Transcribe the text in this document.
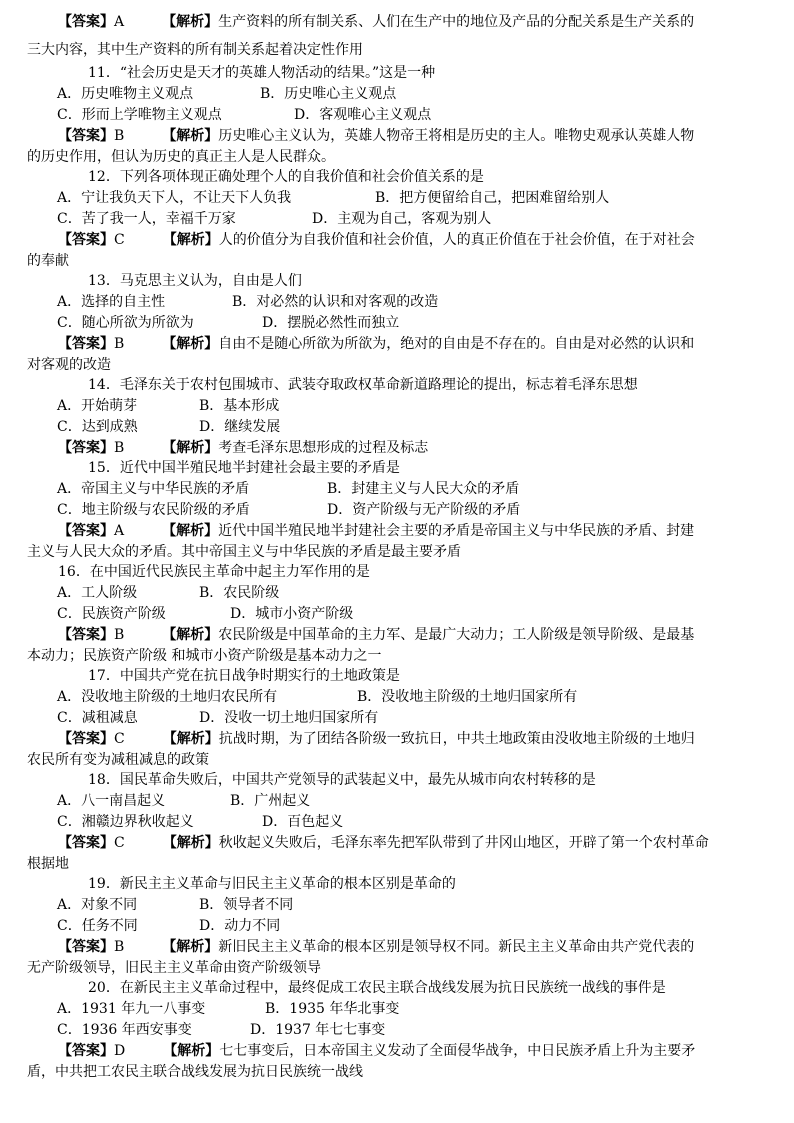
【答案】A	【解析】生产资料的所有制关系、人们在生产中的地位及产品的分配关系是生产关系的
三大内容，其中生产资料的所有制关系起着决定性作用
11．“社会历史是天才的英雄人物活动的结果。”这是一种
A．历史唯物主义观点	B．历史唯心主义观点
C．形而上学唯物主义观点	D．客观唯心主义观点
【答案】B	【解析】历史唯心主义认为，英雄人物帝王将相是历史的主人。唯物史观承认英雄人物
的历史作用，但认为历史的真正主人是人民群众。
12．下列各项体现正确处理个人的自我价值和社会价值关系的是
A．宁让我负天下人，不让天下人负我	B．把方便留给自己，把困难留给别人
C．苦了我一人，幸福千万家	D．主观为自己，客观为别人
【答案】C	【解析】人的价值分为自我价值和社会价值，人的真正价值在于社会价值，在于对社会
的奉献
13．马克思主义认为，自由是人们
A．选择的自主性	B．对必然的认识和对客观的改造
C．随心所欲为所欲为	D．摆脱必然性而独立
【答案】B	【解析】自由不是随心所欲为所欲为，绝对的自由是不存在的。自由是对必然的认识和
对客观的改造
14．毛泽东关于农村包围城市、武装夺取政权革命新道路理论的提出，标志着毛泽东思想
A．开始萌芽	B．基本形成
C．达到成熟	D．继续发展
【答案】B	【解析】考查毛泽东思想形成的过程及标志
15．近代中国半殖民地半封建社会最主要的矛盾是
A．帝国主义与中华民族的矛盾	B．封建主义与人民大众的矛盾
C．地主阶级与农民阶级的矛盾	D．资产阶级与无产阶级的矛盾
【答案】A	【解析】近代中国半殖民地半封建社会主要的矛盾是帝国主义与中华民族的矛盾、封建
主义与人民大众的矛盾。其中帝国主义与中华民族的矛盾是最主要矛盾
16．在中国近代民族民主革命中起主力军作用的是
A．工人阶级	B．农民阶级
C．民族资产阶级	D．城市小资产阶级
【答案】B	【解析】农民阶级是中国革命的主力军、是最广大动力；工人阶级是领导阶级、是最基
本动力；民族资产阶级 和城市小资产阶级是基本动力之一
17．中国共产党在抗日战争时期实行的土地政策是
A．没收地主阶级的土地归农民所有	B．没收地主阶级的土地归国家所有
C．减租减息	D．没收一切土地归国家所有
【答案】C	【解析】抗战时期，为了团结各阶级一致抗日，中共土地政策由没收地主阶级的土地归
农民所有变为减租减息的政策
18．国民革命失败后，中国共产党领导的武装起义中，最先从城市向农村转移的是
A．八一南昌起义	B．广州起义
C．湘赣边界秋收起义	D．百色起义
【答案】C	【解析】秋收起义失败后，毛泽东率先把军队带到了井冈山地区，开辟了第一个农村革命
根据地
19．新民主主义革命与旧民主主义革命的根本区别是革命的
A．对象不同	B．领导者不同
C．任务不同	D．动力不同
【答案】B	【解析】新旧民主主义革命的根本区别是领导权不同。新民主主义革命由共产党代表的
无产阶级领导，旧民主主义革命由资产阶级领导
20．在新民主主义革命过程中，最终促成工农民主联合战线发展为抗日民族统一战线的事件是
A．1931 年九一八事变	B．1935 年华北事变
C．1936 年西安事变	D．1937 年七七事变
【答案】D	【解析】七七事变后，日本帝国主义发动了全面侵华战争，中日民族矛盾上升为主要矛
盾，中共把工农民主联合战线发展为抗日民族统一战线
